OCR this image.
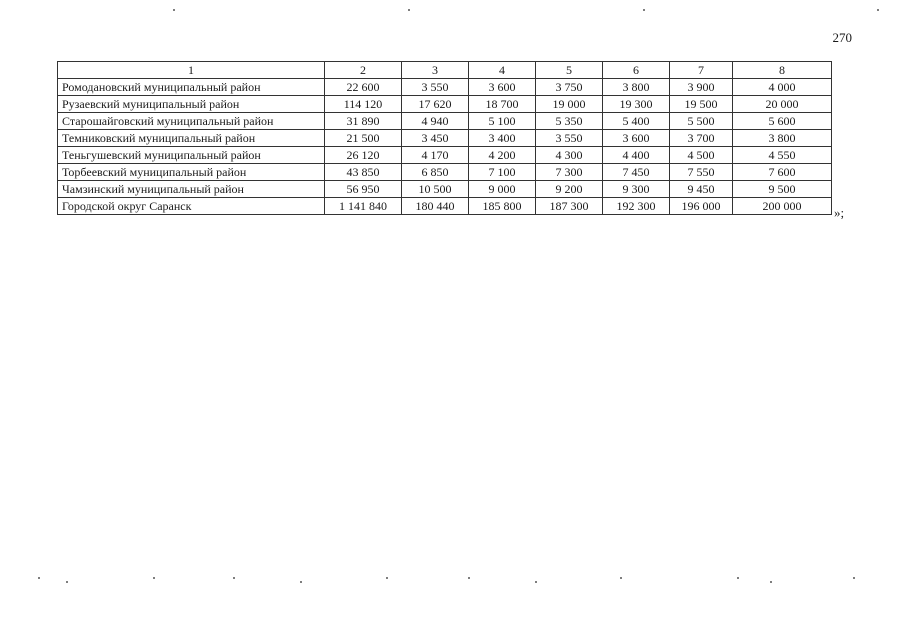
270
1	2	3	4	5	6	7	8
Ромодановский муниципальный район	22 600	3 550	3 600	3 750	3 800	3 900	4 000
Рузаевский муниципальный район	114 120	17 620	18 700	19 000	19 300	19 500	20 000
Старошайговский муниципальный район	31 890	4 940	5 100	5 350	5 400	5 500	5 600
Темниковский муниципальный район	21 500	3 450	3 400	3 550	3 600	3 700	3 800
Теньгушевский муниципальный район	26 120	4 170	4 200	4 300	4 400	4 500	4 550
Торбеевский муниципальный район	43 850	6 850	7 100	7 300	7 450	7 550	7 600
Чамзинский муниципальный район	56 950	10 500	9 000	9 200	9 300	9 450	9 500
Городской округ Саранск	1 141 840	180 440	185 800	187 300	192 300	196 000	200 000	»;
